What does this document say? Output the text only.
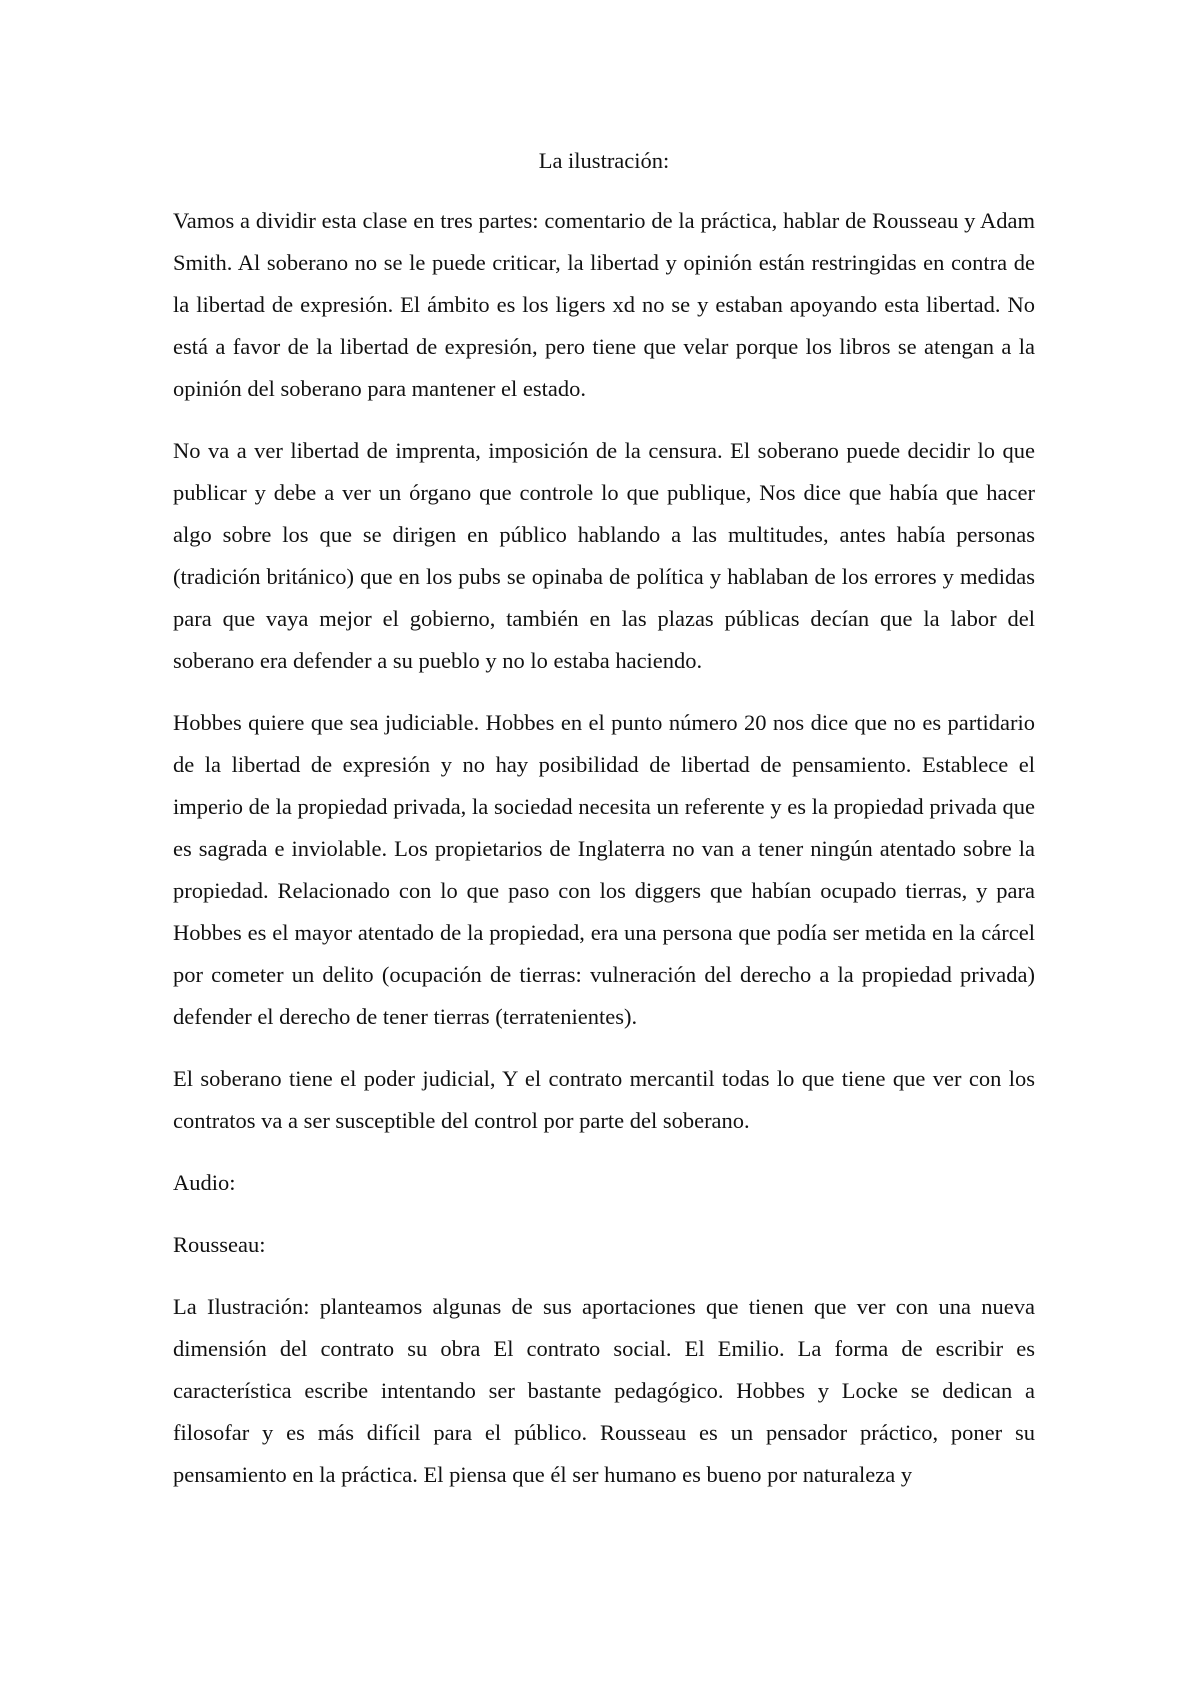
La ilustración:

Vamos a dividir esta clase en tres partes: comentario de la práctica, hablar de Rousseau y Adam Smith. Al soberano no se le puede criticar, la libertad y opinión están restringidas en contra de la libertad de expresión. El ámbito es los ligers xd no se y estaban apoyando esta libertad. No está a favor de la libertad de expresión, pero tiene que velar porque los libros se atengan a la opinión del soberano para mantener el estado.

No va a ver libertad de imprenta, imposición de la censura. El soberano puede decidir lo que publicar y debe a ver un órgano que controle lo que publique, Nos dice que había que hacer algo sobre los que se dirigen en público hablando a las multitudes, antes había personas (tradición británico) que en los pubs se opinaba de política y hablaban de los errores y medidas para que vaya mejor el gobierno, también en las plazas públicas decían que la labor del soberano era defender a su pueblo y no lo estaba haciendo.

Hobbes quiere que sea judiciable. Hobbes en el punto número 20 nos dice que no es partidario de la libertad de expresión y no hay posibilidad de libertad de pensamiento. Establece el imperio de la propiedad privada, la sociedad necesita un referente y es la propiedad privada que es sagrada e inviolable. Los propietarios de Inglaterra no van a tener ningún atentado sobre la propiedad. Relacionado con lo que paso con los diggers que habían ocupado tierras, y para Hobbes es el mayor atentado de la propiedad, era una persona que podía ser metida en la cárcel por cometer un delito (ocupación de tierras: vulneración del derecho a la propiedad privada) defender el derecho de tener tierras (terratenientes).

El soberano tiene el poder judicial, Y el contrato mercantil todas lo que tiene que ver con los contratos va a ser susceptible del control por parte del soberano.

Audio:

Rousseau:

La Ilustración: planteamos algunas de sus aportaciones que tienen que ver con una nueva dimensión del contrato su obra El contrato social. El Emilio. La forma de escribir es característica escribe intentando ser bastante pedagógico. Hobbes y Locke se dedican a filosofar y es más difícil para el público. Rousseau es un pensador práctico, poner su pensamiento en la práctica. El piensa que él ser humano es bueno por naturaleza y
